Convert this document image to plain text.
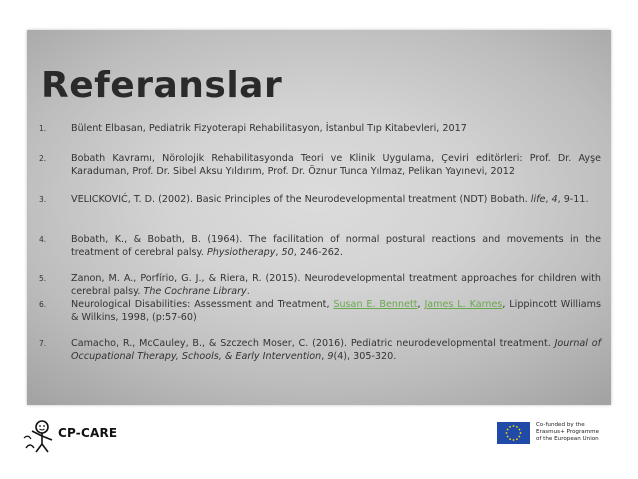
Referanslar
1.	Bülent Elbasan, Pediatrik Fizyoterapi Rehabilitasyon, İstanbul Tıp Kitabevleri, 2017
2.	Bobath Kavramı, Nörolojik Rehabilitasyonda Teori ve Klinik Uygulama, Çeviri editörleri: Prof. Dr. Ayşe Karaduman, Prof. Dr. Sibel Aksu Yıldırım, Prof. Dr. Öznur Tunca Yılmaz, Pelikan Yayınevi, 2012
3.	VELICKOVIĆ, T. D. (2002). Basic Principles of the Neurodevelopmental treatment (NDT) Bobath. life, 4, 9-11.
4.	Bobath, K., & Bobath, B. (1964). The facilitation of normal postural reactions and movements in the treatment of cerebral palsy. Physiotherapy, 50, 246-262.
5.	Zanon, M. A., Porfírio, G. J., & Riera, R. (2015). Neurodevelopmental treatment approaches for children with cerebral palsy. The Cochrane Library.
6.	Neurological Disabilities: Assessment and Treatment, Susan E. Bennett, James L. Karnes, Lippincott Williams & Wilkins, 1998, (p:57-60)
7.	Camacho, R., McCauley, B., & Szczech Moser, C. (2016). Pediatric neurodevelopmental treatment. Journal of Occupational Therapy, Schools, & Early Intervention, 9(4), 305-320.
CP-CARE
Co-funded by the
Erasmus+ Programme
of the European Union
